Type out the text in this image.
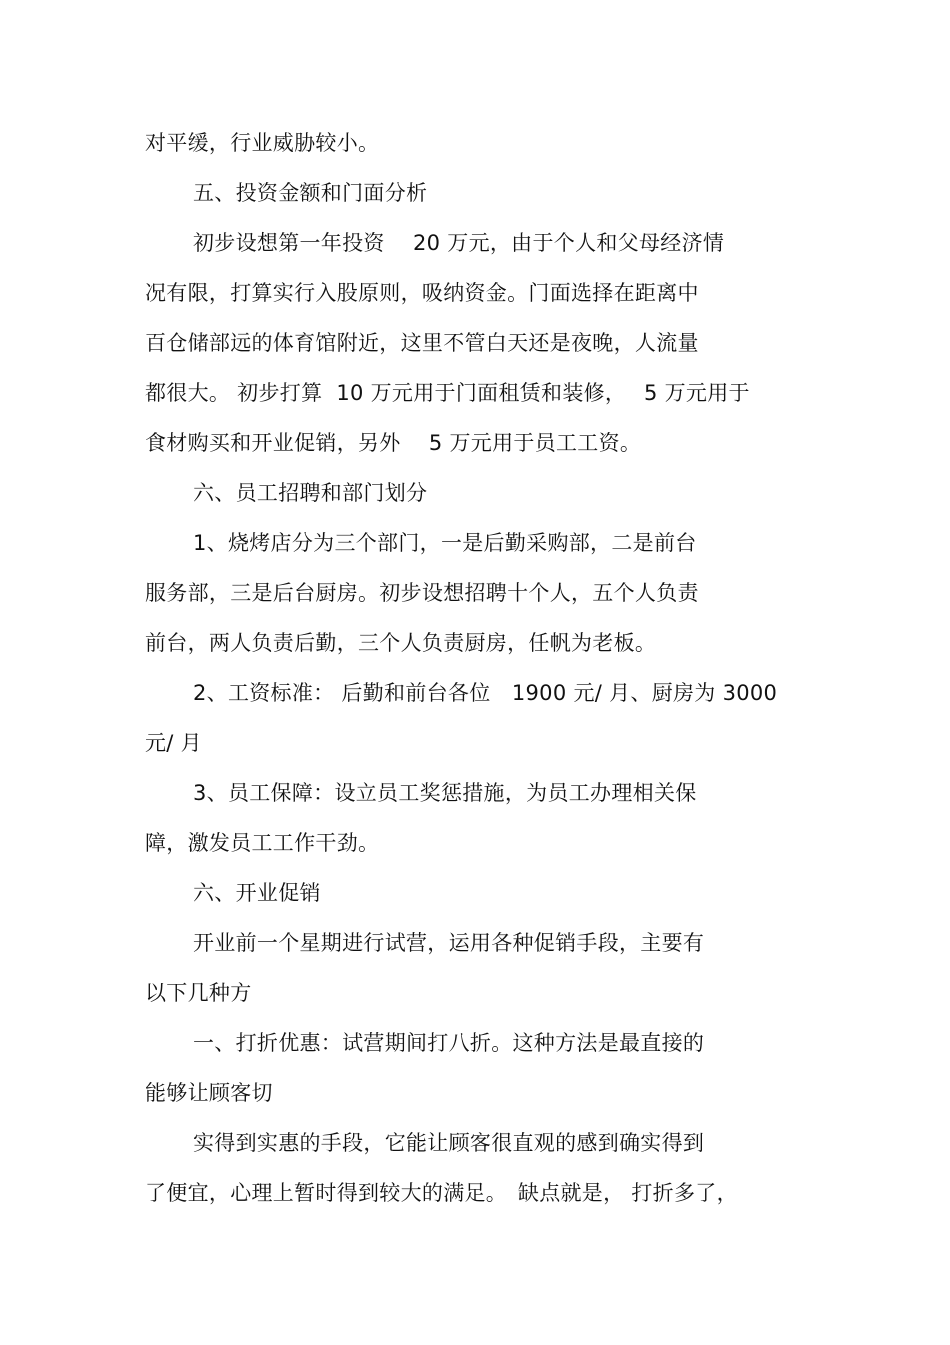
对平缓，行业威胁较小。
五、投资金额和门面分析
初步设想第一年投资　 20 万元，由于个人和父母经济情
况有限，打算实行入股原则，吸纳资金。门面选择在距离中
百仓储部远的体育馆附近，这里不管白天还是夜晚，人流量
都很大。 初步打算  10 万元用于门面租赁和装修，　 5 万元用于
食材购买和开业促销，另外　 5 万元用于员工工资。
六、员工招聘和部门划分
1、烧烤店分为三个部门，一是后勤采购部，二是前台
服务部，三是后台厨房。初步设想招聘十个人，五个人负责
前台，两人负责后勤，三个人负责厨房，任帆为老板。
2、工资标准： 后勤和前台各位　1900 元/ 月、厨房为 3000
元/ 月
3、员工保障：设立员工奖惩措施，为员工办理相关保
障，激发员工工作干劲。
六、开业促销
开业前一个星期进行试营，运用各种促销手段，主要有
以下几种方
一、打折优惠：试营期间打八折。这种方法是最直接的
能够让顾客切
实得到实惠的手段，它能让顾客很直观的感到确实得到
了便宜，心理上暂时得到较大的满足。　缺点就是， 打折多了，
